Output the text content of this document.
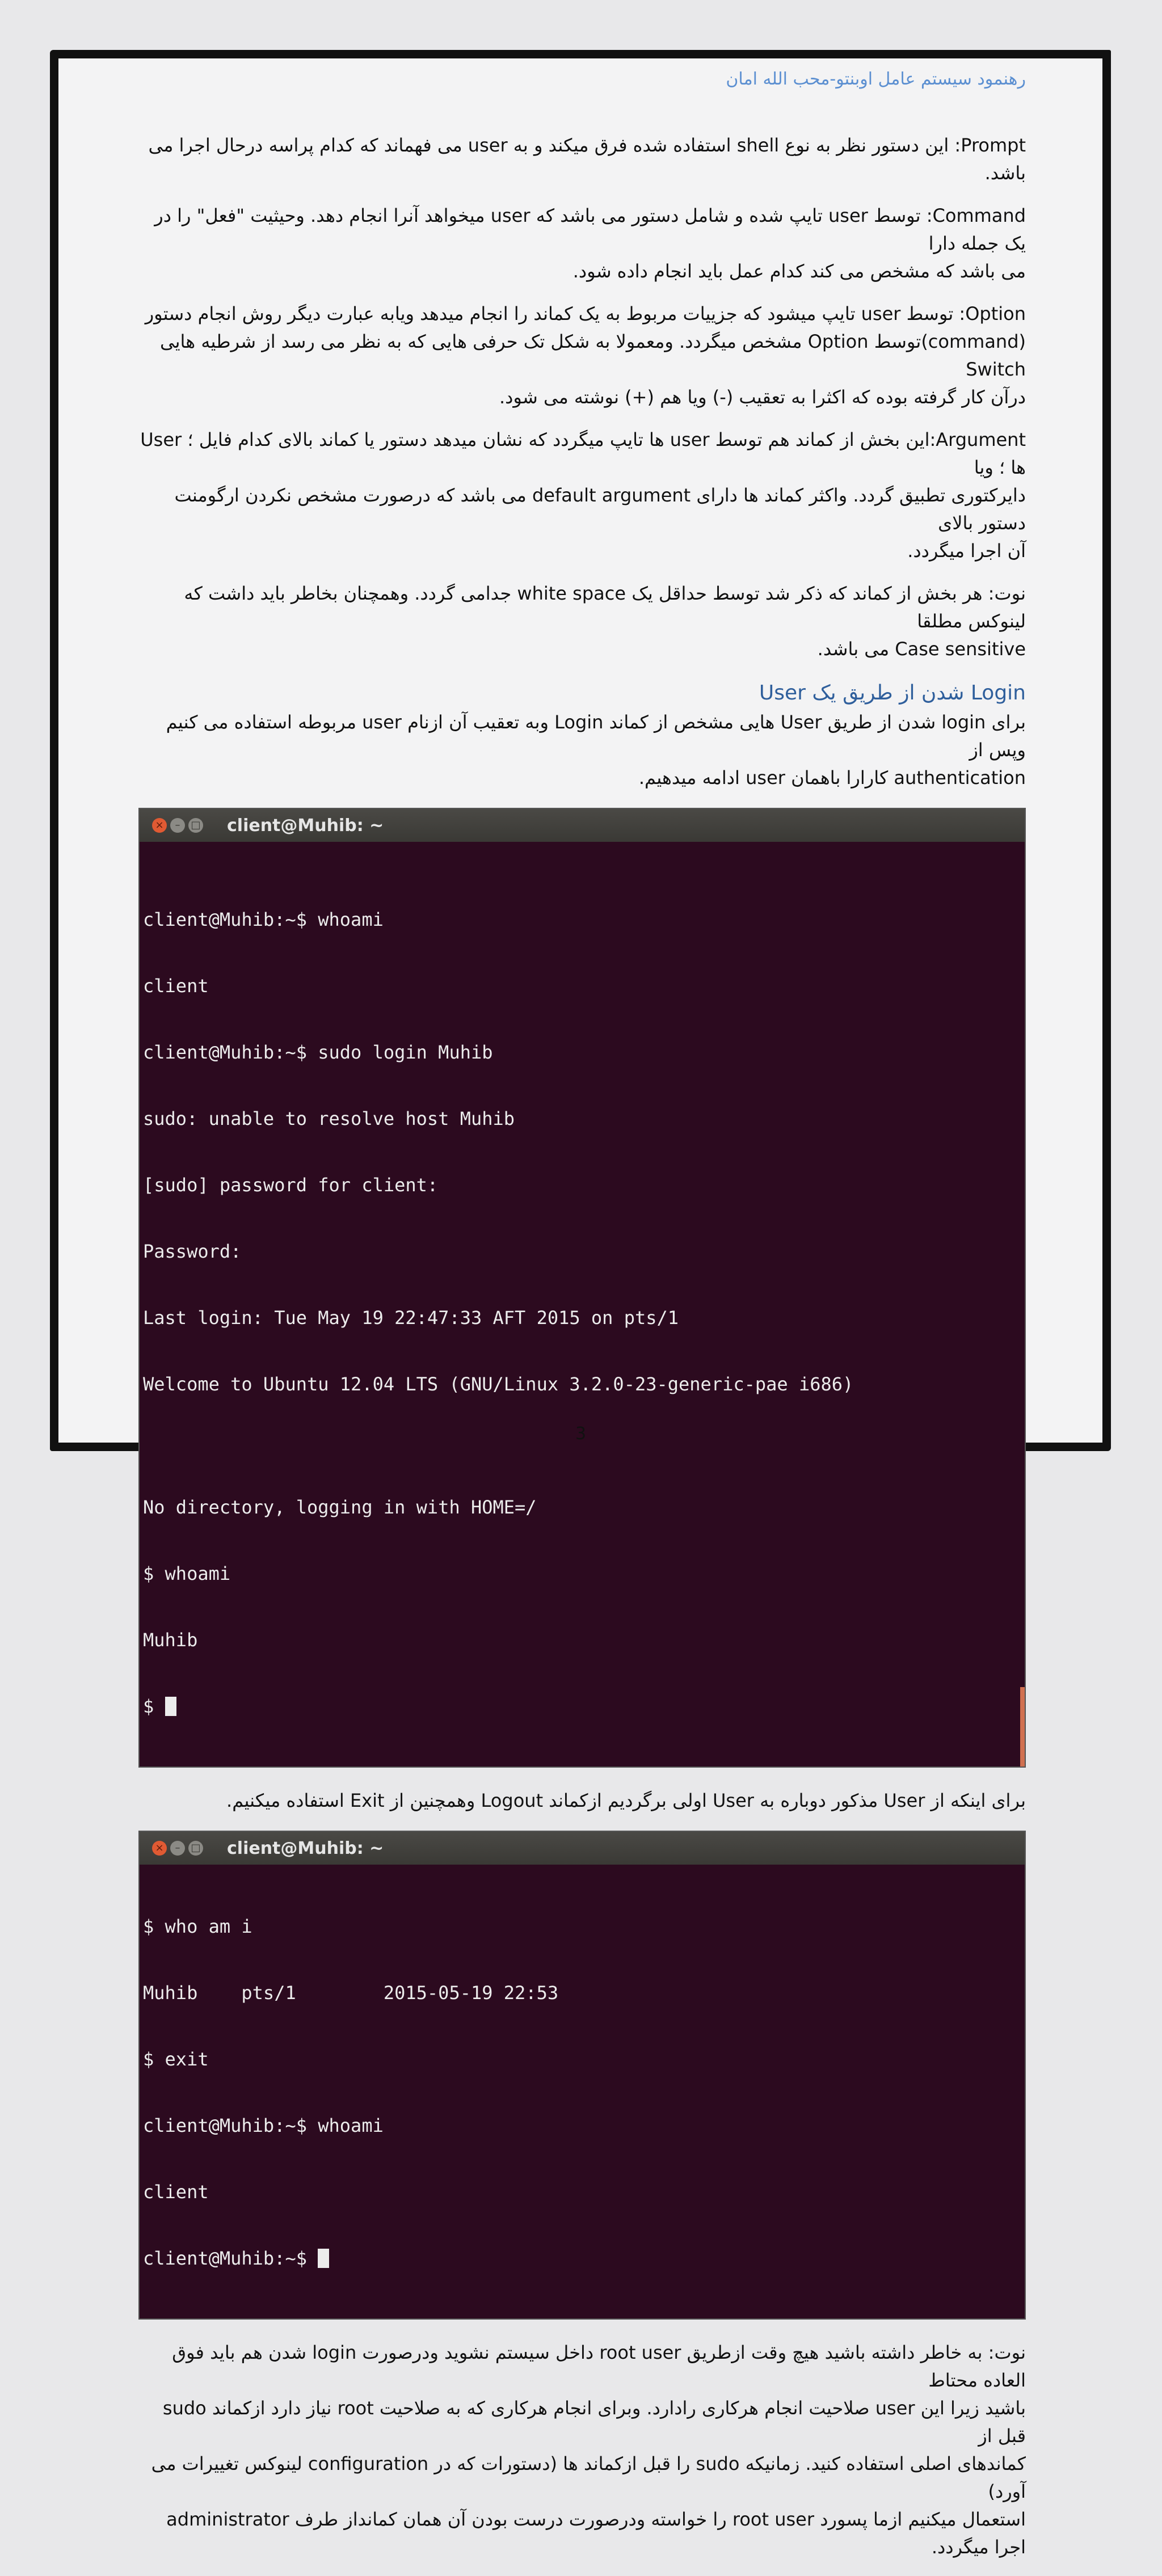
رهنمود سیستم عامل اوبنتو-محب الله امان

Prompt: این دستور نظر به نوع shell استفاده شده فرق میکند و به user می فهماند که کدام پراسه درحال اجرا می باشد.

Command: توسط user تایپ شده و شامل دستور می باشد که user میخواهد آنرا انجام دهد. وحیثیت "فعل" را در یک جمله دارا
می باشد که مشخص می کند کدام عمل باید انجام داده شود.

Option: توسط user تایپ میشود که جزییات مربوط به یک کماند را انجام میدهد ویابه عبارت دیگر روش انجام دستور
(command)توسط Option مشخص میگردد. ومعمولا به شکل تک حرفی هایی که به نظر می رسد از شرطیه هایی Switch
درآن کار گرفته بوده که اکثرا به تعقیب (-) ویا هم (+) نوشته می شود.

Argument:این بخش از کماند هم توسط user ها تایپ میگردد که نشان میدهد دستور یا کماند بالای کدام فایل ؛ User ها ؛ ویا
دایرکتوری تطبیق گردد. واکثر کماند ها دارای default argument می باشد که درصورت مشخص نکردن ارگومنت دستور بالای
آن اجرا میگردد.

نوت: هر بخش از کماند که ذکر شد توسط حداقل یک white space جدامی گردد. وهمچنان بخاطر باید داشت که لینوکس مطلقا
Case sensitive می باشد.

Login شدن از طریق یک User

برای login شدن از طریق User هایی مشخص از کماند Login وبه تعقیب آن ازنام user مربوطه استفاده می کنیم وپس از
authentication کارارا باهمان user ادامه میدهیم.

×	–	□ client@Muhib: ~

client@Muhib:~$ whoami

client

client@Muhib:~$ sudo login Muhib

sudo: unable to resolve host Muhib

[sudo] password for client:

Password:

Last login: Tue May 19 22:47:33 AFT 2015 on pts/1

Welcome to Ubuntu 12.04 LTS (GNU/Linux 3.2.0-23-generic-pae i686)

No directory, logging in with HOME=/

$ whoami

Muhib

$

برای اینکه از User مذکور دوباره به User اولی برگردیم ازکماند Logout وهمچنین از Exit استفاده میکنیم.

×	–	□ client@Muhib: ~

$ who am i

Muhib    pts/1        2015-05-19 22:53

$ exit

client@Muhib:~$ whoami

client

client@Muhib:~$

نوت: به خاطر داشته باشید هیچ وقت ازطریق root user داخل سیستم نشوید ودرصورت login شدن هم باید فوق العاده محتاط
باشید زیرا این user صلاحیت انجام هرکاری رادارد. وبرای انجام هرکاری که به صلاحیت root نیاز دارد ازکماند sudo قبل از
کماندهای اصلی استفاده کنید. زمانیکه sudo را قبل ازکماند ها (دستورات که در configuration لینوکس تغییرات می آورد)
استعمال میکنیم ازما پسورد root user را خواسته ودرصورت درست بودن آن همان کمانداز طرف administrator اجرا میگردد.

3
